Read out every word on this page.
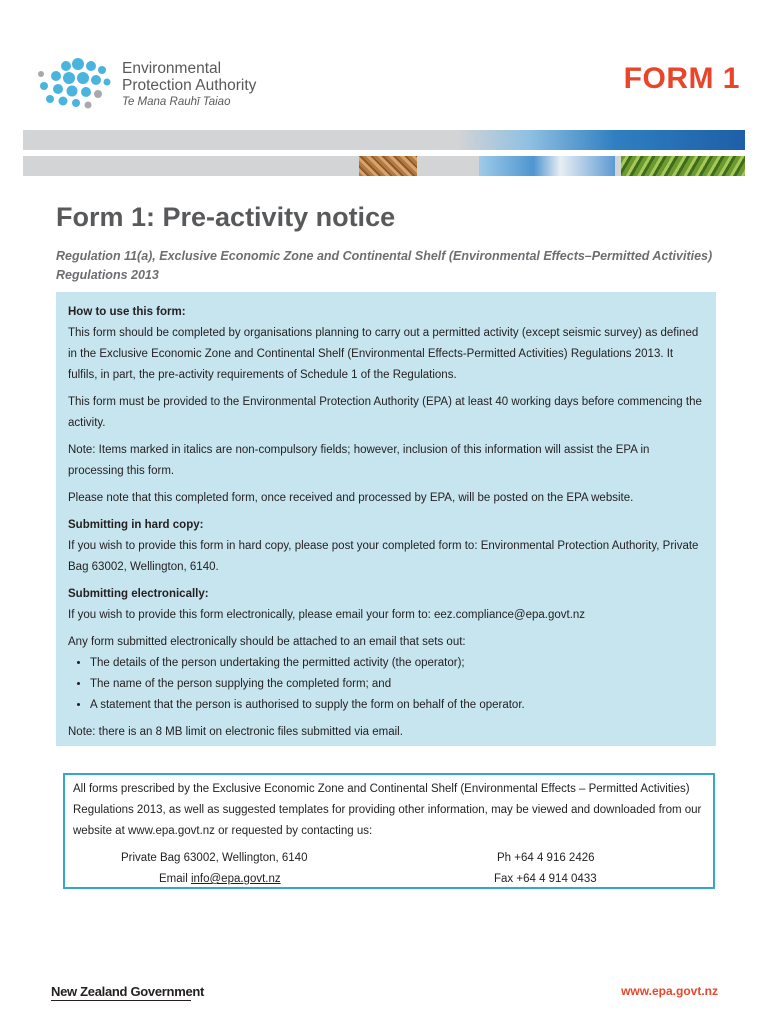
Environmental
Protection Authority
Te Mana Rauhī Taiao
FORM 1
Form 1: Pre-activity notice
Regulation 11(a), Exclusive Economic Zone and Continental Shelf (Environmental Effects–Permitted Activities) Regulations 2013

How to use this form:

This form should be completed by organisations planning to carry out a permitted activity (except seismic survey) as defined in the Exclusive Economic Zone and Continental Shelf (Environmental Effects-Permitted Activities) Regulations 2013. It fulfils, in part, the pre-activity requirements of Schedule 1 of the Regulations.

This form must be provided to the Environmental Protection Authority (EPA) at least 40 working days before commencing the activity.

Note: Items marked in italics are non-compulsory fields; however, inclusion of this information will assist the EPA in processing this form.

Please note that this completed form, once received and processed by EPA, will be posted on the EPA website.

Submitting in hard copy:

If you wish to provide this form in hard copy, please post your completed form to: Environmental Protection Authority, Private Bag 63002, Wellington, 6140.

Submitting electronically:

If you wish to provide this form electronically, please email your form to: eez.compliance@epa.govt.nz

Any form submitted electronically should be attached to an email that sets out:

• The details of the person undertaking the permitted activity (the operator);
• The name of the person supplying the completed form; and
• A statement that the person is authorised to supply the form on behalf of the operator.

Note: there is an 8 MB limit on electronic files submitted via email.

All forms prescribed by the Exclusive Economic Zone and Continental Shelf (Environmental Effects – Permitted Activities) Regulations 2013, as well as suggested templates for providing other information, may be viewed and downloaded from our website at www.epa.govt.nz or requested by contacting us:

Private Bag 63002, Wellington, 6140	Ph +64 4 916 2426
Email info@epa.govt.nz	Fax +64 4 914 0433
New Zealand Government	www.epa.govt.nz
